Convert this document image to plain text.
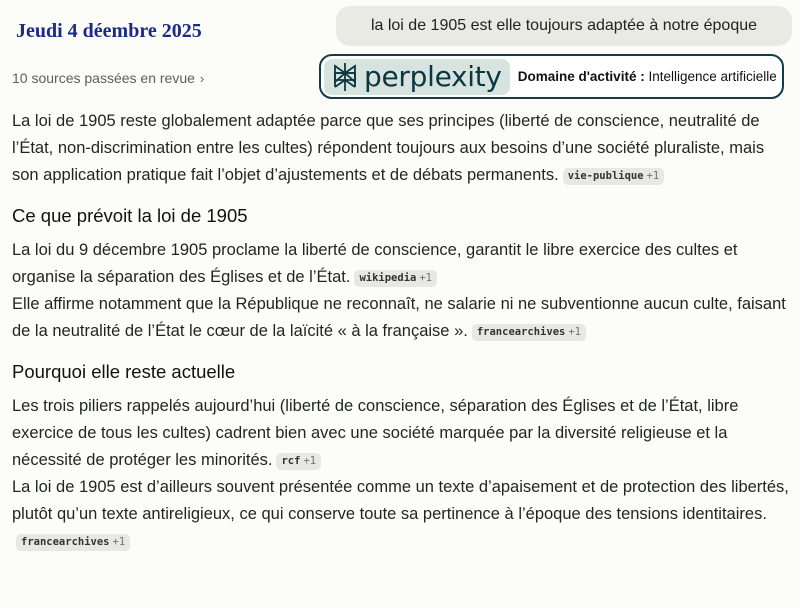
Jeudi 4 déembre 2025	la loi de 1905 est elle toujours adaptée à notre époque
10 sources passées en revue ›	perplexity Domaine d'activité : Intelligence artificielle

La loi de 1905 reste globalement adaptée parce que ses principes (liberté de conscience, neutralité de l’État, non-discrimination entre les cultes) répondent toujours aux besoins d’une société pluraliste, mais son application pratique fait l’objet d’ajustements et de débats permanents. vie-publique +1

Ce que prévoit la loi de 1905

La loi du 9 décembre 1905 proclame la liberté de conscience, garantit le libre exercice des cultes et organise la séparation des Églises et de l’État. wikipedia +1

Elle affirme notamment que la République ne reconnaît, ne salarie ni ne subventionne aucun culte, faisant de la neutralité de l’État le cœur de la laïcité « à la française ». francearchives +1

Pourquoi elle reste actuelle

Les trois piliers rappelés aujourd’hui (liberté de conscience, séparation des Églises et de l’État, libre exercice de tous les cultes) cadrent bien avec une société marquée par la diversité religieuse et la nécessité de protéger les minorités. rcf +1

La loi de 1905 est d’ailleurs souvent présentée comme un texte d’apaisement et de protection des libertés, plutôt qu’un texte antireligieux, ce qui conserve toute sa pertinence à l’époque des tensions identitaires.francearchives +1
